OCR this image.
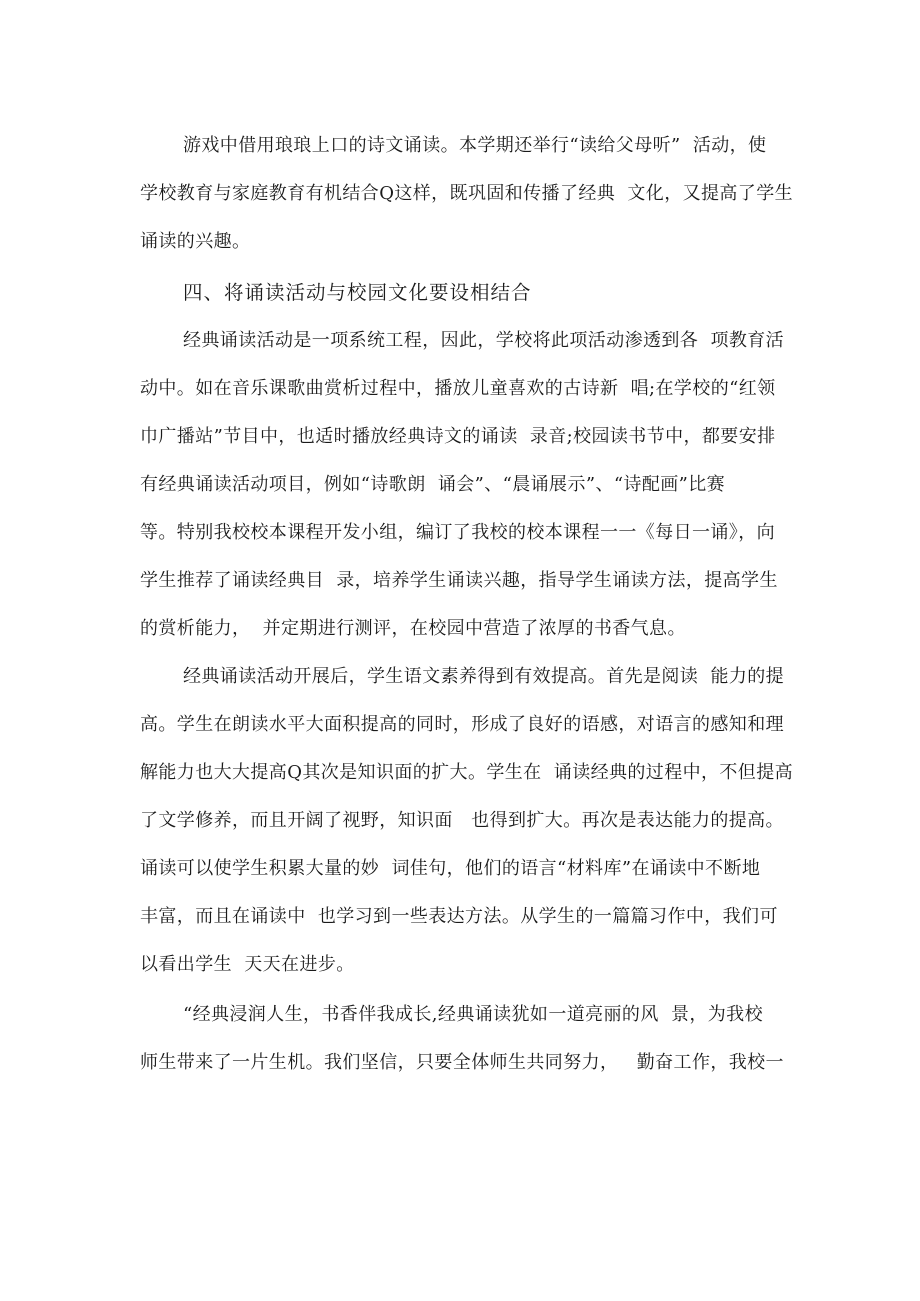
游戏中借用琅琅上口的诗文诵读。本学期还举行“读给父母听”  活动，使
学校教育与家庭教育有机结合Q这样，既巩固和传播了经典  文化，又提高了学生
诵读的兴趣。
四、将诵读活动与校园文化要设相结合
经典诵读活动是一项系统工程，因此，学校将此项活动渗透到各  项教育活
动中。如在音乐课歌曲赏析过程中，播放儿童喜欢的古诗新  唱;在学校的“红领
巾广播站”节目中，也适时播放经典诗文的诵读  录音;校园读书节中，都要安排
有经典诵读活动项目，例如“诗歌朗  诵会”、“晨诵展示”、“诗配画”比赛
等。特别我校校本课程开发小组，编订了我校的校本课程一一《每日一诵》，向
学生推荐了诵读经典目  录，培养学生诵读兴趣，指导学生诵读方法，提高学生
的赏析能力，  并定期进行测评，在校园中营造了浓厚的书香气息。
经典诵读活动开展后，学生语文素养得到有效提高。首先是阅读  能力的提
高。学生在朗读水平大面积提高的同时，形成了良好的语感，对语言的感知和理
解能力也大大提高Q其次是知识面的扩大。学生在  诵读经典的过程中，不但提高
了文学修养，而且开阔了视野，知识面   也得到扩大。再次是表达能力的提高。
诵读可以使学生积累大量的妙  词佳句，他们的语言“材料库”在诵读中不断地
丰富，而且在诵读中  也学习到一些表达方法。从学生的一篇篇习作中，我们可
以看出学生  天天在进步。
“经典浸润人生，书香伴我成长,经典诵读犹如一道亮丽的风  景，为我校
师生带来了一片生机。我们坚信，只要全体师生共同努力，   勤奋工作，我校一
